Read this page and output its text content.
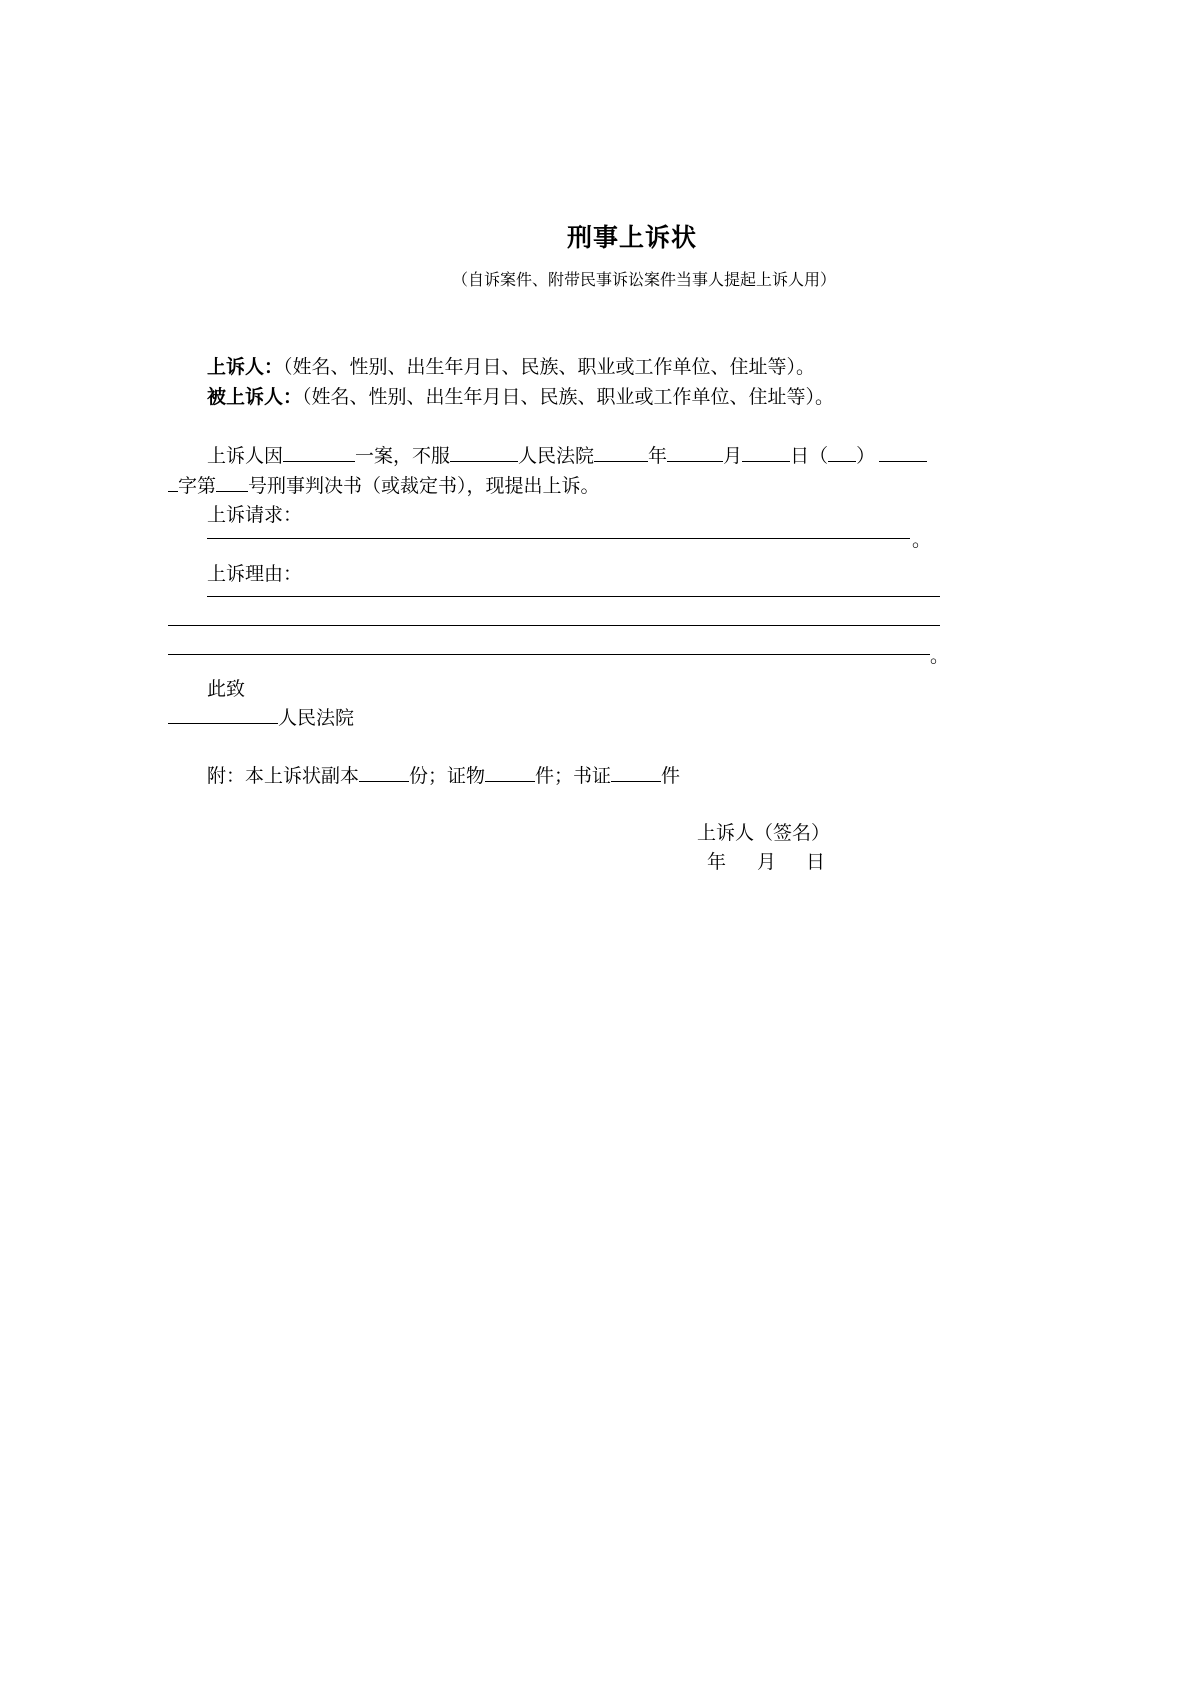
刑事上诉状
（自诉案件、附带民事诉讼案件当事人提起上诉人用）
上诉人：（姓名、性别、出生年月日、民族、职业或工作单位、住址等）。
被上诉人：（姓名、性别、出生年月日、民族、职业或工作单位、住址等）。
上诉人因	一案，不服	人民法院	年	月	日（ ）
字第 号刑事判决书（或裁定书），现提出上诉。
上诉请求：
。
上诉理由：
。
此致
人民法院
附：本上诉状副本	份；证物	件；书证	件
上诉人（签名）
年 月 日
